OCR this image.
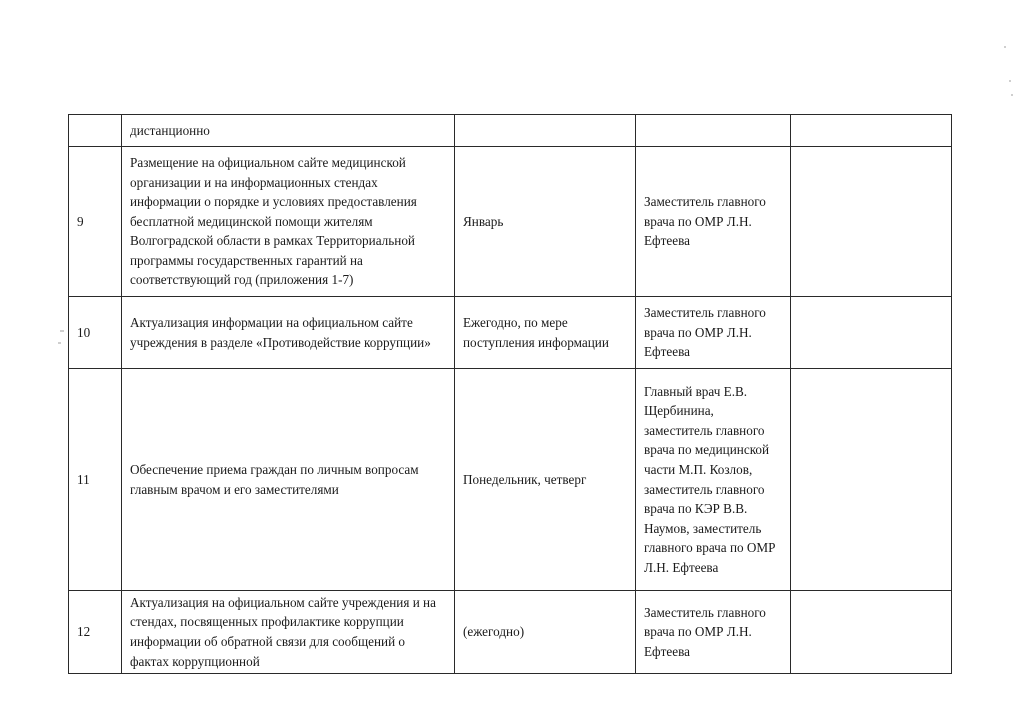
	дистанционно			
9	Размещение на официальном сайте медицинской организации и на информационных стендах информации о порядке и условиях предоставления бесплатной медицинской помощи жителям Волгоградской области в рамках Территориальной программы государственных гарантий на соответствующий год (приложения 1-7)	Январь	Заместитель главного врача по ОМР Л.Н. Ефтеева	
10	Актуализация информации на официальном сайте учреждения в разделе «Противодействие коррупции»	Ежегодно, по мере поступления информации	Заместитель главного врача по ОМР Л.Н. Ефтеева	
11	Обеспечение приема граждан по личным вопросам главным врачом и его заместителями	Понедельник, четверг	Главный врач Е.В. Щербинина, заместитель главного врача по медицинской части М.П. Козлов, заместитель главного врача по КЭР В.В. Наумов, заместитель главного врача по ОМР Л.Н. Ефтеева	
12	Актуализация на официальном сайте учреждения и на стендах, посвященных профилактике коррупции информации об обратной связи для сообщений о фактах коррупционной	(ежегодно)	Заместитель главного врача по ОМР Л.Н. Ефтеева	
